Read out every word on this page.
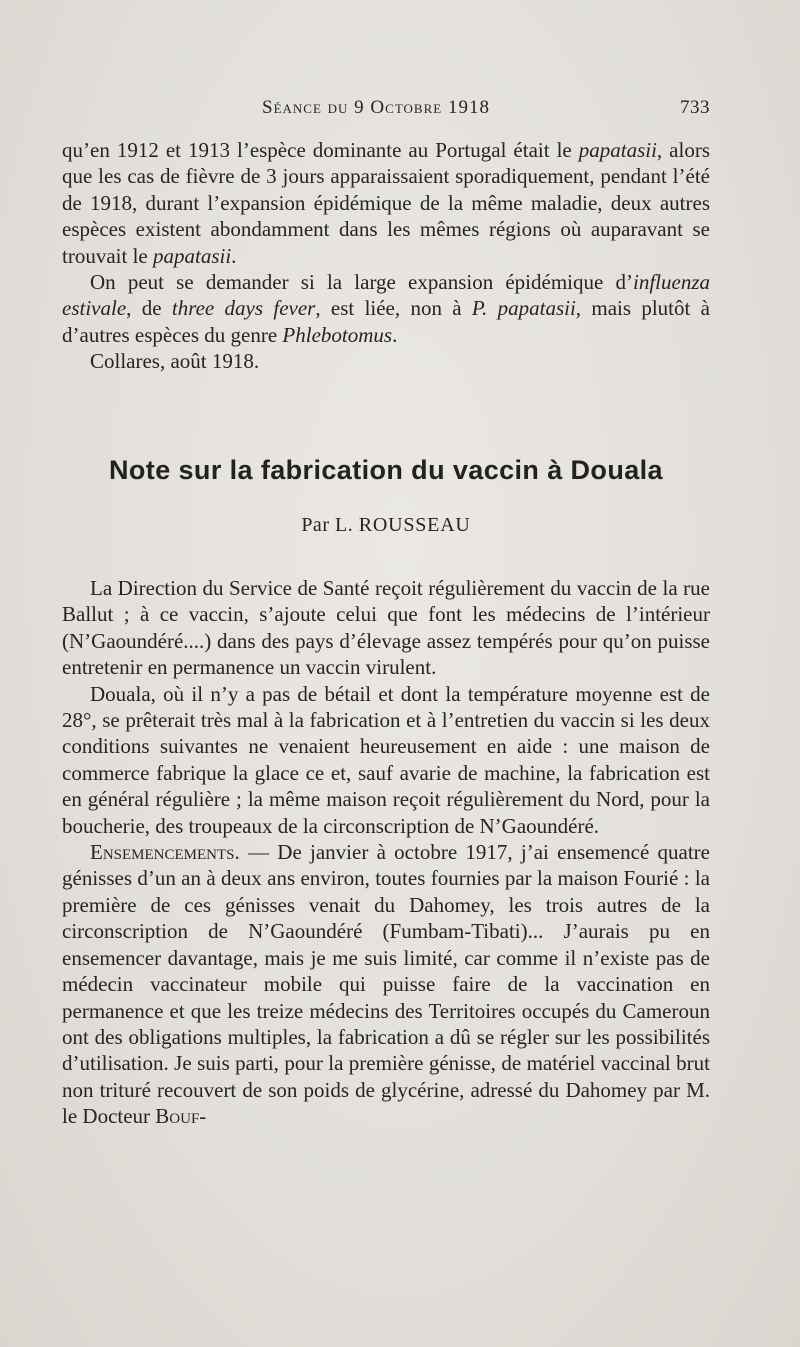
Séance du 9 Octobre 1918	733

qu’en 1912 et 1913 l’espèce dominante au Portugal était le papatasii, alors que les cas de fièvre de 3 jours apparaissaient sporadiquement, pendant l’été de 1918, durant l’expansion épidémique de la même maladie, deux autres espèces existent abondamment dans les mêmes régions où auparavant se trouvait le papatasii.

On peut se demander si la large expansion épidémique d’influenza estivale, de three days fever, est liée, non à P. papatasii, mais plutôt à d’autres espèces du genre Phlebotomus.

Collares, août 1918.

Note sur la fabrication du vaccin à Douala
Par L. ROUSSEAU

La Direction du Service de Santé reçoit régulièrement du vaccin de la rue Ballut ; à ce vaccin, s’ajoute celui que font les médecins de l’intérieur (N’Gaoundéré....) dans des pays d’élevage assez tempérés pour qu’on puisse entretenir en permanence un vaccin virulent.

Douala, où il n’y a pas de bétail et dont la température moyenne est de 28°, se prêterait très mal à la fabrication et à l’entretien du vaccin si les deux conditions suivantes ne venaient heureusement en aide : une maison de commerce fabrique la glace ce et, sauf avarie de machine, la fabrication est en général régulière ; la même maison reçoit régulièrement du Nord, pour la boucherie, des troupeaux de la circonscription de N’Gaoundéré.

Ensemencements. — De janvier à octobre 1917, j’ai ensemencé quatre génisses d’un an à deux ans environ, toutes fournies par la maison Fourié : la première de ces génisses venait du Dahomey, les trois autres de la circonscription de N’Gaoundéré (Fumbam-Tibati)... J’aurais pu en ensemencer davantage, mais je me suis limité, car comme il n’existe pas de médecin vaccinateur mobile qui puisse faire de la vaccination en permanence et que les treize médecins des Territoires occupés du Cameroun ont des obligations multiples, la fabrication a dû se régler sur les possibilités d’utilisation. Je suis parti, pour la première génisse, de matériel vaccinal brut non trituré recouvert de son poids de glycérine, adressé du Dahomey par M. le Docteur Bouf-
